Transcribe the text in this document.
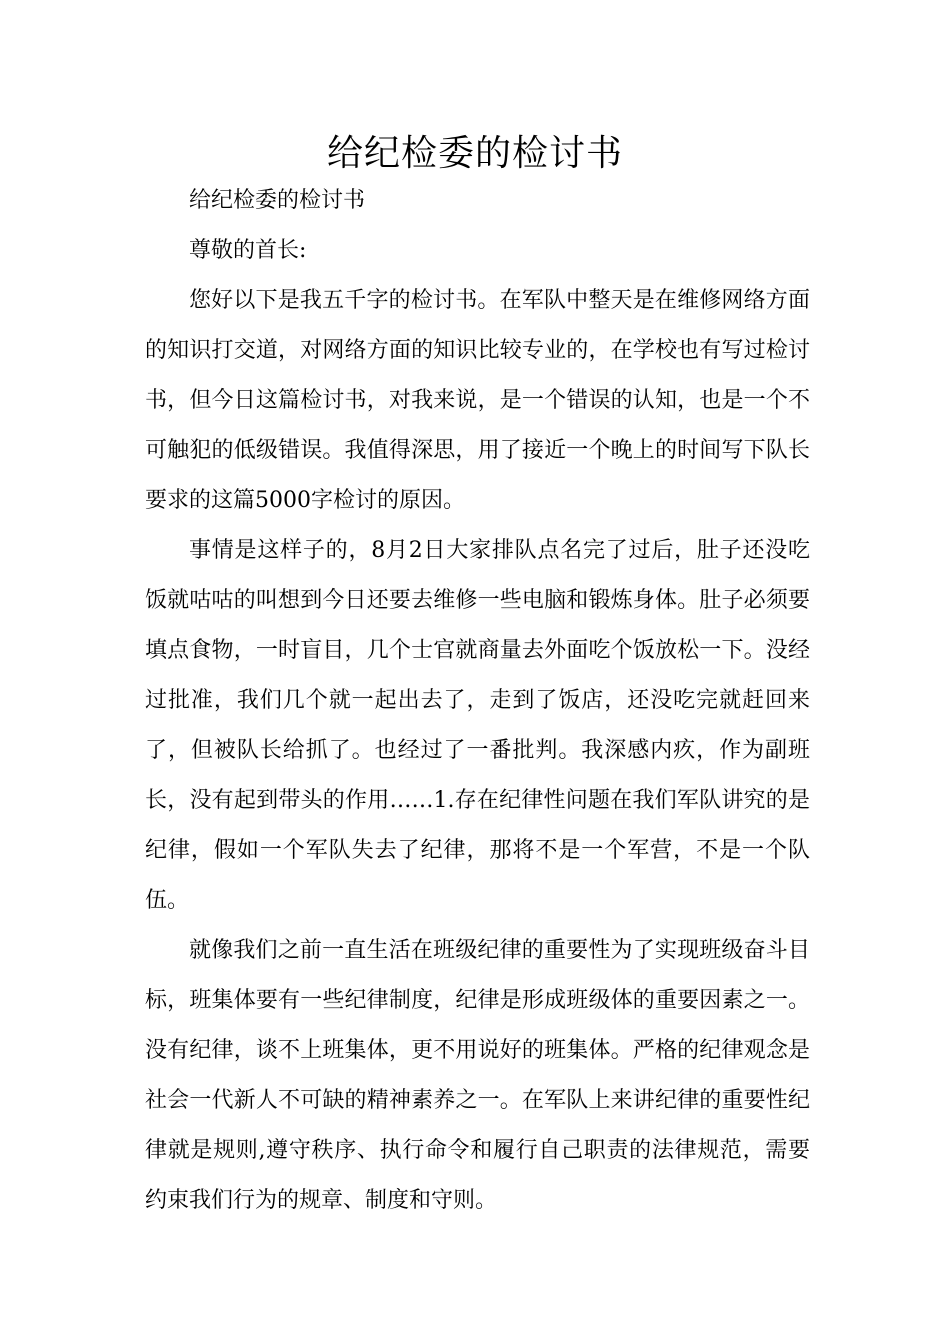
给纪检委的检讨书

给纪检委的检讨书

尊敬的首长:

您好以下是我五千字的检讨书。在军队中整天是在维修网络方面的知识打交道，对网络方面的知识比较专业的，在学校也有写过检讨书，但今日这篇检讨书，对我来说，是一个错误的认知，也是一个不可触犯的低级错误。我值得深思，用了接近一个晚上的时间写下队长要求的这篇5000字检讨的原因。

事情是这样子的，8月2日大家排队点名完了过后，肚子还没吃饭就咕咕的叫想到今日还要去维修一些电脑和锻炼身体。肚子必须要填点食物，一时盲目，几个士官就商量去外面吃个饭放松一下。没经过批准，我们几个就一起出去了，走到了饭店，还没吃完就赶回来了，但被队长给抓了。也经过了一番批判。我深感内疚，作为副班长，没有起到带头的作用……1.存在纪律性问题在我们军队讲究的是纪律，假如一个军队失去了纪律，那将不是一个军营，不是一个队伍。

就像我们之前一直生活在班级纪律的重要性为了实现班级奋斗目标，班集体要有一些纪律制度，纪律是形成班级体的重要因素之一。没有纪律，谈不上班集体，更不用说好的班集体。严格的纪律观念是社会一代新人不可缺的精神素养之一。在军队上来讲纪律的重要性纪律就是规则,遵守秩序、执行命令和履行自己职责的法律规范，需要约束我们行为的规章、制度和守则。
